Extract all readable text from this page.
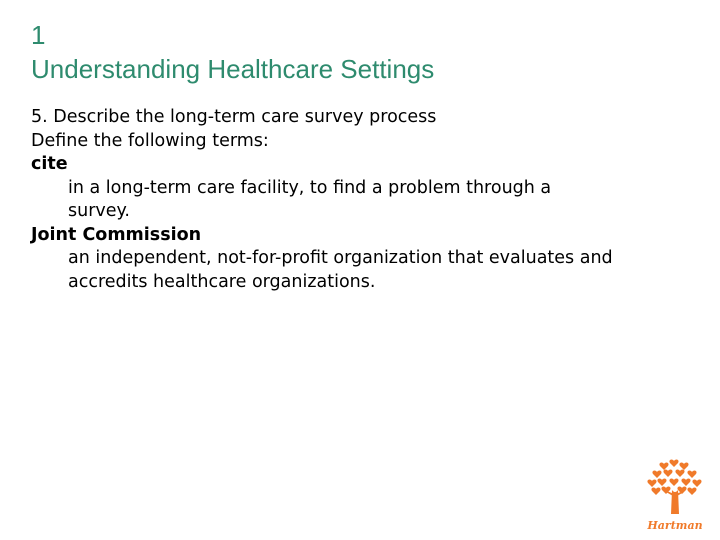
1
Understanding Healthcare Settings
5. Describe the long-term care survey process
Define the following terms:
cite
in a long-term care facility, to find a problem through a
survey.
Joint Commission
an independent, not-for-profit organization that evaluates and
accredits healthcare organizations.
Hartman
